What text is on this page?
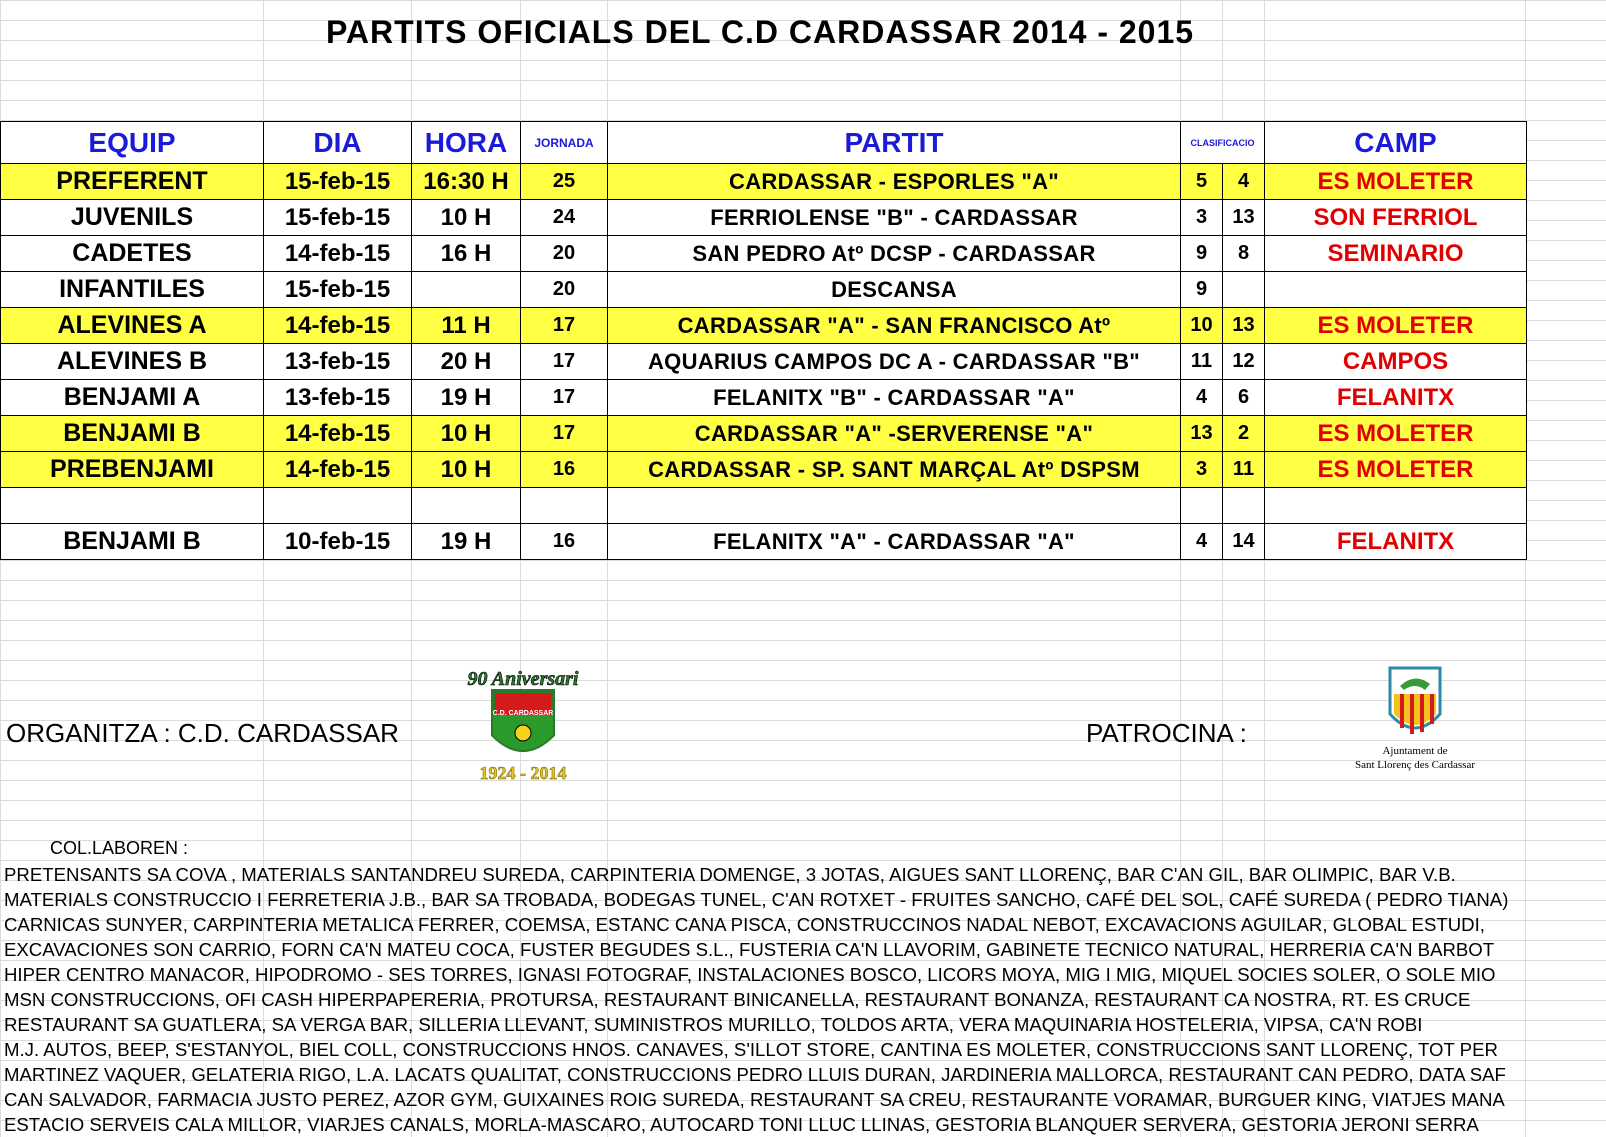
PARTITS OFICIALS DEL C.D CARDASSAR 2014 - 2015
EQUIP	DIA	HORA	JORNADA	PARTIT	CLASIFICACIO		CAMP
PREFERENT	15-feb-15	16:30 H	25	CARDASSAR - ESPORLES "A"	5	4	ES MOLETER
JUVENILS	15-feb-15	10 H	24	FERRIOLENSE "B" - CARDASSAR	3	13	SON FERRIOL
CADETES	14-feb-15	16 H	20	SAN PEDRO Atº DCSP - CARDASSAR	9	8	SEMINARIO
INFANTILES	15-feb-15		20	DESCANSA	9		
ALEVINES A	14-feb-15	11 H	17	CARDASSAR "A" - SAN FRANCISCO Atº	10	13	ES MOLETER
ALEVINES B	13-feb-15	20 H	17	AQUARIUS CAMPOS DC A - CARDASSAR "B"	11	12	CAMPOS
BENJAMI A	13-feb-15	19 H	17	FELANITX "B" - CARDASSAR "A"	4	6	FELANITX
BENJAMI B	14-feb-15	10 H	17	CARDASSAR "A" -SERVERENSE "A"	13	2	ES MOLETER
PREBENJAMI	14-feb-15	10 H	16	CARDASSAR - SP. SANT MARÇAL Atº DSPSM	3	11	ES MOLETER

BENJAMI B	10-feb-15	19 H	16	FELANITX "A" - CARDASSAR "A"	4	14	FELANITX
ORGANITZA : C.D. CARDASSAR	PATROCINA :
90 Aniversari
C.D. CARDASSAR
1924 - 2014
Ajuntament de
Sant Llorenç des Cardassar
COL.LABOREN :
PRETENSANTS SA COVA , MATERIALS SANTANDREU SUREDA, CARPINTERIA DOMENGE, 3 JOTAS, AIGUES SANT LLORENÇ, BAR C'AN GIL, BAR OLIMPIC, BAR V.B.
MATERIALS CONSTRUCCIO I FERRETERIA J.B., BAR SA TROBADA, BODEGAS TUNEL, C'AN ROTXET - FRUITES SANCHO, CAFÉ DEL SOL, CAFÉ SUREDA ( PEDRO TIANA)
CARNICAS SUNYER, CARPINTERIA METALICA FERRER, COEMSA, ESTANC CANA PISCA, CONSTRUCCINOS NADAL NEBOT, EXCAVACIONS AGUILAR, GLOBAL ESTUDI,
EXCAVACIONES SON CARRIO, FORN CA'N MATEU COCA, FUSTER BEGUDES S.L., FUSTERIA CA'N LLAVORIM, GABINETE TECNICO NATURAL, HERRERIA CA'N BARBOT
HIPER CENTRO MANACOR, HIPODROMO - SES TORRES, IGNASI FOTOGRAF, INSTALACIONES BOSCO, LICORS MOYA, MIG I MIG, MIQUEL SOCIES SOLER, O SOLE MIO
MSN CONSTRUCCIONS, OFI CASH HIPERPAPERERIA, PROTURSA, RESTAURANT BINICANELLA, RESTAURANT BONANZA, RESTAURANT CA NOSTRA, RT. ES CRUCE
RESTAURANT SA GUATLERA, SA VERGA BAR, SILLERIA LLEVANT, SUMINISTROS MURILLO, TOLDOS ARTA, VERA MAQUINARIA HOSTELERIA, VIPSA, CA'N ROBI
M.J. AUTOS, BEEP, S'ESTANYOL, BIEL COLL, CONSTRUCCIONS HNOS. CANAVES, S'ILLOT STORE, CANTINA ES MOLETER, CONSTRUCCIONS SANT LLORENÇ, TOT PER
MARTINEZ VAQUER, GELATERIA RIGO, L.A. LACATS QUALITAT, CONSTRUCCIONS PEDRO LLUIS DURAN, JARDINERIA MALLORCA, RESTAURANT CAN PEDRO, DATA SAF
CAN SALVADOR, FARMACIA JUSTO PEREZ, AZOR GYM, GUIXAINES ROIG SUREDA, RESTAURANT SA CREU, RESTAURANTE VORAMAR, BURGUER KING, VIATJES MANA
ESTACIO SERVEIS CALA MILLOR, VIARJES CANALS, MORLA-MASCARO, AUTOCARD TONI LLUC LLINAS, GESTORIA BLANQUER SERVERA, GESTORIA JERONI SERRA
